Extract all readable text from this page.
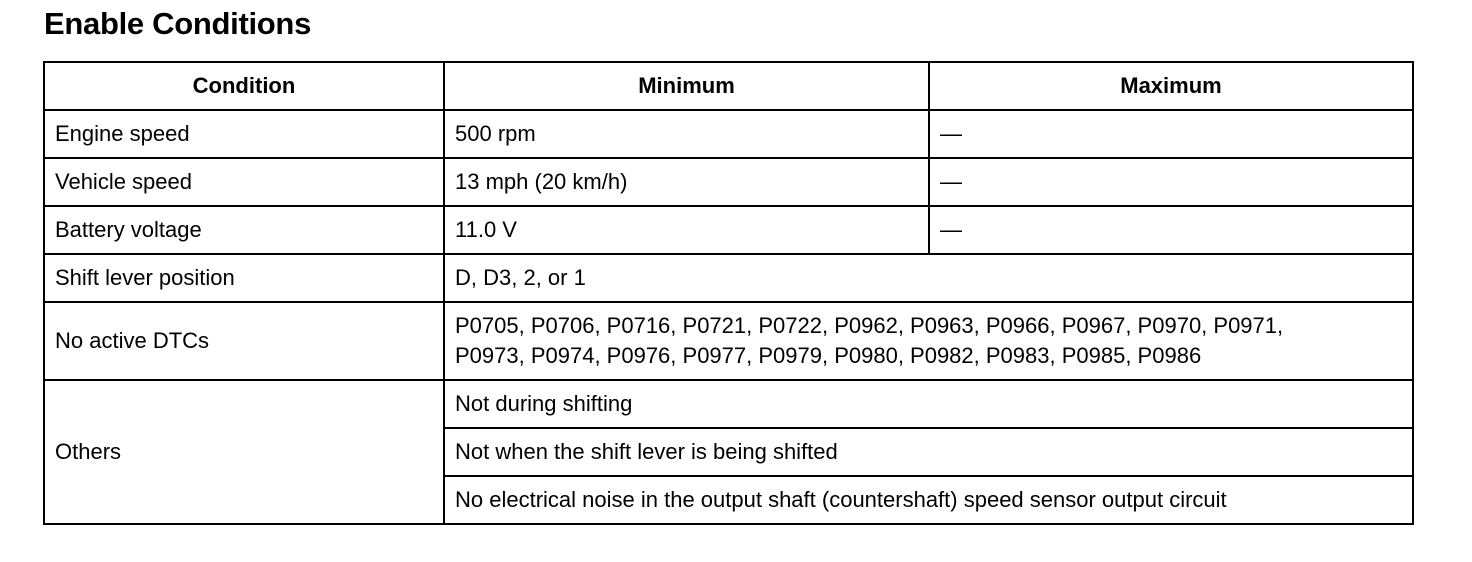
Enable Conditions
Condition	Minimum	Maximum
Engine speed	500 rpm	—
Vehicle speed	13 mph (20 km/h)	—
Battery voltage	11.0 V	—
Shift lever position	D, D3, 2, or 1	
No active DTCs	P0705, P0706, P0716, P0721, P0722, P0962, P0963, P0966, P0967, P0970, P0971,
P0973, P0974, P0976, P0977, P0979, P0980, P0982, P0983, P0985, P0986	

Others	Not during shifting	
	Not when the shift lever is being shifted	
	No electrical noise in the output shaft (countershaft) speed sensor output circuit	
